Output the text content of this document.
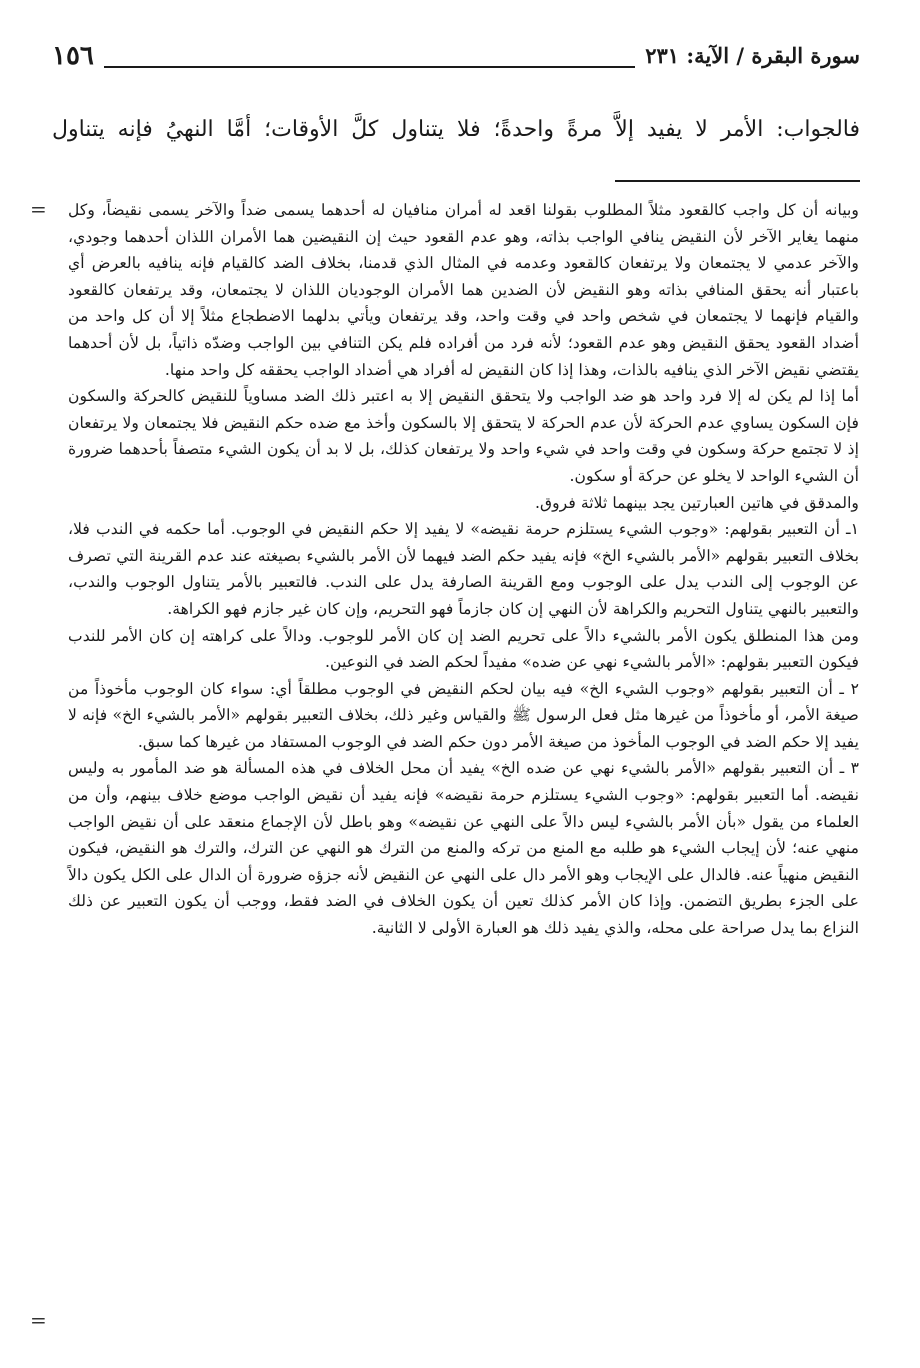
١٥٦	سورة البقرة / الآية: ٢٣١
فالجواب: الأمر لا يفيد إلاَّ مرةً واحدةً؛ فلا يتناول كلَّ الأوقات؛ أمَّا النهيُ فإنه يتناول
= وبيانه أن كل واجب كالقعود مثلاً المطلوب بقولنا اقعد له أمران منافيان له أحدهما يسمى ضداً والآخر يسمى نقيضاً، وكل منهما يغاير الآخر لأن النقيض ينافي الواجب بذاته، وهو عدم القعود حيث إن النقيضين هما الأمران اللذان أحدهما وجودي، والآخر عدمي لا يجتمعان ولا يرتفعان كالقعود وعدمه في المثال الذي قدمنا، بخلاف الضد كالقيام فإنه ينافيه بالعرض أي باعتبار أنه يحقق المنافي بذاته وهو النقيض لأن الضدين هما الأمران الوجوديان اللذان لا يجتمعان، وقد يرتفعان كالقعود والقيام فإنهما لا يجتمعان في شخص واحد في وقت واحد، وقد يرتفعان ويأتي بدلهما الاضطجاع مثلاً إلا أن كل واحد من أضداد القعود يحقق النقيض وهو عدم القعود؛ لأنه فرد من أفراده فلم يكن التنافي بين الواجب وضدّه ذاتياً، بل لأن أحدهما يقتضي نقيض الآخر الذي ينافيه بالذات، وهذا إذا كان النقيض له أفراد هي أضداد الواجب يحققه كل واحد منها.

أما إذا لم يكن له إلا فرد واحد هو ضد الواجب ولا يتحقق النقيض إلا به اعتبر ذلك الضد مساوياً للنقيض كالحركة والسكون فإن السكون يساوي عدم الحركة لأن عدم الحركة لا يتحقق إلا بالسكون وأخذ مع ضده حكم النقيض فلا يجتمعان ولا يرتفعان إذ لا تجتمع حركة وسكون في وقت واحد في شيء واحد ولا يرتفعان كذلك، بل لا بد أن يكون الشيء متصفاً بأحدهما ضرورة أن الشيء الواحد لا يخلو عن حركة أو سكون.

والمدقق في هاتين العبارتين يجد بينهما ثلاثة فروق.

١ـ أن التعبير بقولهم: «وجوب الشيء يستلزم حرمة نقيضه» لا يفيد إلا حكم النقيض في الوجوب. أما حكمه في الندب فلا، بخلاف التعبير بقولهم «الأمر بالشيء الخ» فإنه يفيد حكم الضد فيهما لأن الأمر بالشيء بصيغته عند عدم القرينة التي تصرف عن الوجوب إلى الندب يدل على الوجوب ومع القرينة الصارفة يدل على الندب. فالتعبير بالأمر يتناول الوجوب والندب، والتعبير بالنهي يتناول التحريم والكراهة لأن النهي إن كان جازماً فهو التحريم، وإن كان غير جازم فهو الكراهة.

ومن هذا المنطلق يكون الأمر بالشيء دالاً على تحريم الضد إن كان الأمر للوجوب. ودالاً على كراهته إن كان الأمر للندب فيكون التعبير بقولهم: «الأمر بالشيء نهي عن ضده» مفيداً لحكم الضد في النوعين.

٢ ـ أن التعبير بقولهم «وجوب الشيء الخ» فيه بيان لحكم النقيض في الوجوب مطلقاً أي: سواء كان الوجوب مأخوذاً من صيغة الأمر، أو مأخوذاً من غيرها مثل فعل الرسول ﷺ والقياس وغير ذلك، بخلاف التعبير بقولهم «الأمر بالشيء الخ» فإنه لا يفيد إلا حكم الضد في الوجوب المأخوذ من صيغة الأمر دون حكم الضد في الوجوب المستفاد من غيرها كما سبق.

٣ ـ أن التعبير بقولهم «الأمر بالشيء نهي عن ضده الخ» يفيد أن محل الخلاف في هذه المسألة هو ضد المأمور به وليس نقيضه. أما التعبير بقولهم: «وجوب الشيء يستلزم حرمة نقيضه» فإنه يفيد أن نقيض الواجب موضع خلاف بينهم، وأن من العلماء من يقول «بأن الأمر بالشيء ليس دالاً على النهي عن نقيضه» وهو باطل لأن الإجماع منعقد على أن نقيض الواجب منهي عنه؛ لأن إيجاب الشيء هو طلبه مع المنع من تركه والمنع من الترك هو النهي عن الترك، والترك هو النقيض، فيكون النقيض منهياً عنه. فالدال على الإيجاب وهو الأمر دال على النهي عن النقيض لأنه جزؤه ضرورة أن الدال على الكل يكون دالاً على الجزء بطريق التضمن. وإذا كان الأمر كذلك تعين أن يكون الخلاف في الضد فقط، ووجب أن يكون التعبير عن ذلك النزاع بما يدل صراحة على محله، والذي يفيد ذلك هو العبارة الأولى لا الثانية.

=
